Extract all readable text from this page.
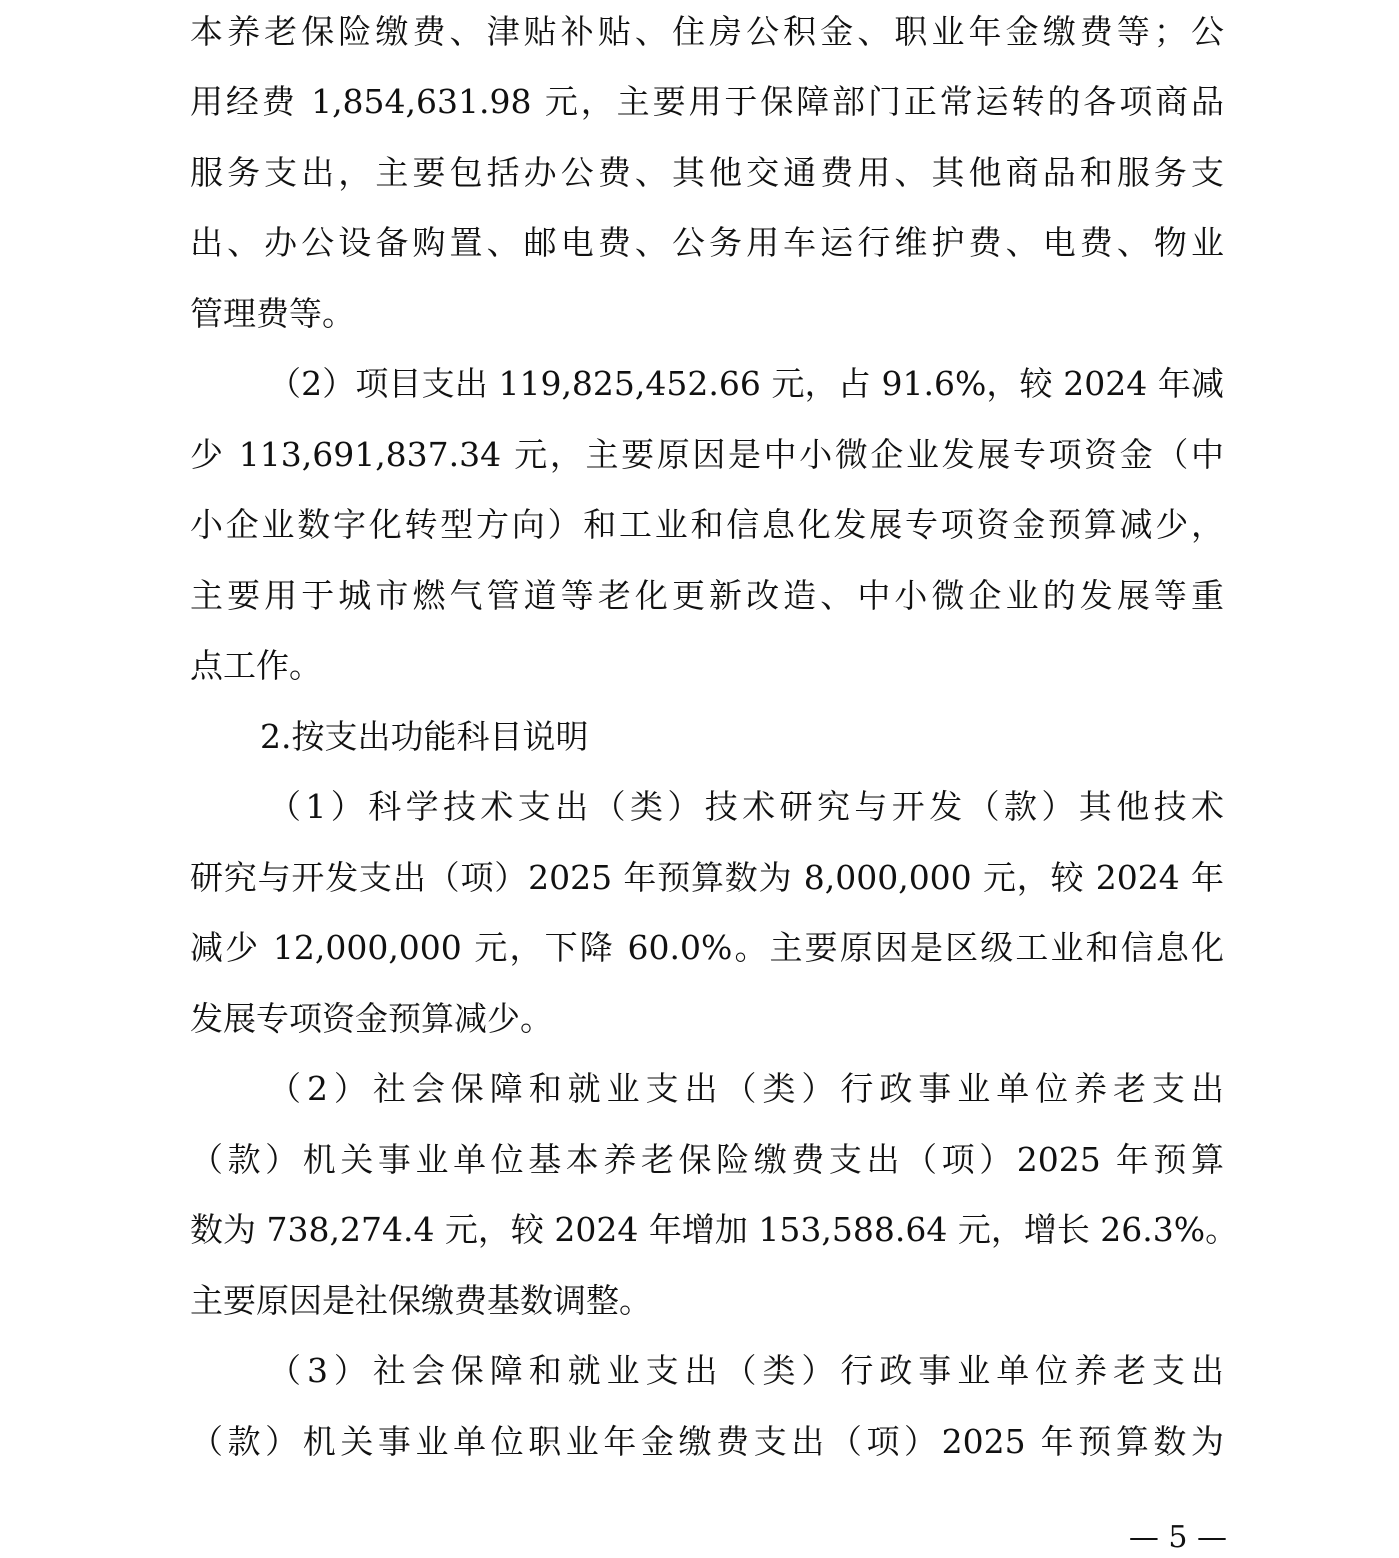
本养老保险缴费、津贴补贴、住房公积金、职业年金缴费等；公
用经费 1,854,631.98 元，主要用于保障部门正常运转的各项商品
服务支出，主要包括办公费、其他交通费用、其他商品和服务支
出、办公设备购置、邮电费、公务用车运行维护费、电费、物业
管理费等。
（2）项目支出 119,825,452.66 元，占 91.6%，较 2024 年减
少 113,691,837.34 元，主要原因是中小微企业发展专项资金（中
小企业数字化转型方向）和工业和信息化发展专项资金预算减少，
主要用于城市燃气管道等老化更新改造、中小微企业的发展等重
点工作。
2.按支出功能科目说明
（1）科学技术支出（类）技术研究与开发（款）其他技术
研究与开发支出（项）2025 年预算数为 8,000,000 元，较 2024 年
减少 12,000,000 元，下降 60.0%。主要原因是区级工业和信息化
发展专项资金预算减少。
（2）社会保障和就业支出（类）行政事业单位养老支出
（款）机关事业单位基本养老保险缴费支出（项）2025 年预算
数为 738,274.4 元，较 2024 年增加 153,588.64 元，增长 26.3%。
主要原因是社保缴费基数调整。
（3）社会保障和就业支出（类）行政事业单位养老支出
（款）机关事业单位职业年金缴费支出（项）2025 年预算数为
— 5 —
